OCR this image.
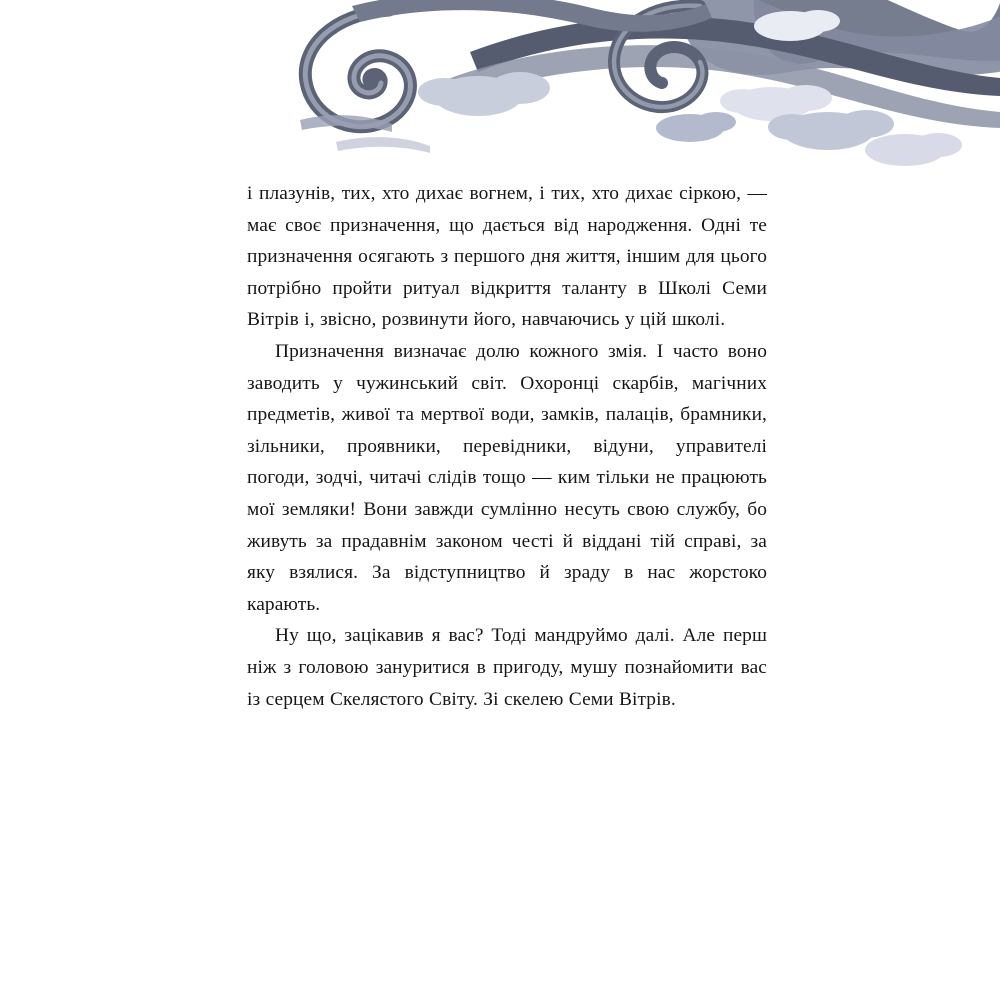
і плазунів, тих, хто дихає вогнем, і тих, хто дихає сіркою, — має своє призначення, що дається від народження. Одні те призначення осягають з першого дня життя, іншим для цього потрібно пройти ритуал відкриття таланту в Школі Семи Вітрів і, звісно, розвинути його, навчаючись у цій школі.

Призначення визначає долю кожного змія. І часто воно заводить у чужинський світ. Охоронці скарбів, магічних предметів, живої та мертвої води, замків, палаців, брамники, зільники, проявники, перевідники, відуни, управителі погоди, зодчі, читачі слідів тощо — ким тільки не працюють мої земляки! Вони завжди сумлінно несуть свою службу, бо живуть за прадавнім законом честі й віддані тій справі, за яку взялися. За відступництво й зраду в нас жорстоко карають.

Ну що, зацікавив я вас? Тоді мандруймо далі. Але перш ніж з головою зануритися в пригоду, мушу познайомити вас із серцем Скелястого Світу. Зі скелею Семи Вітрів.
